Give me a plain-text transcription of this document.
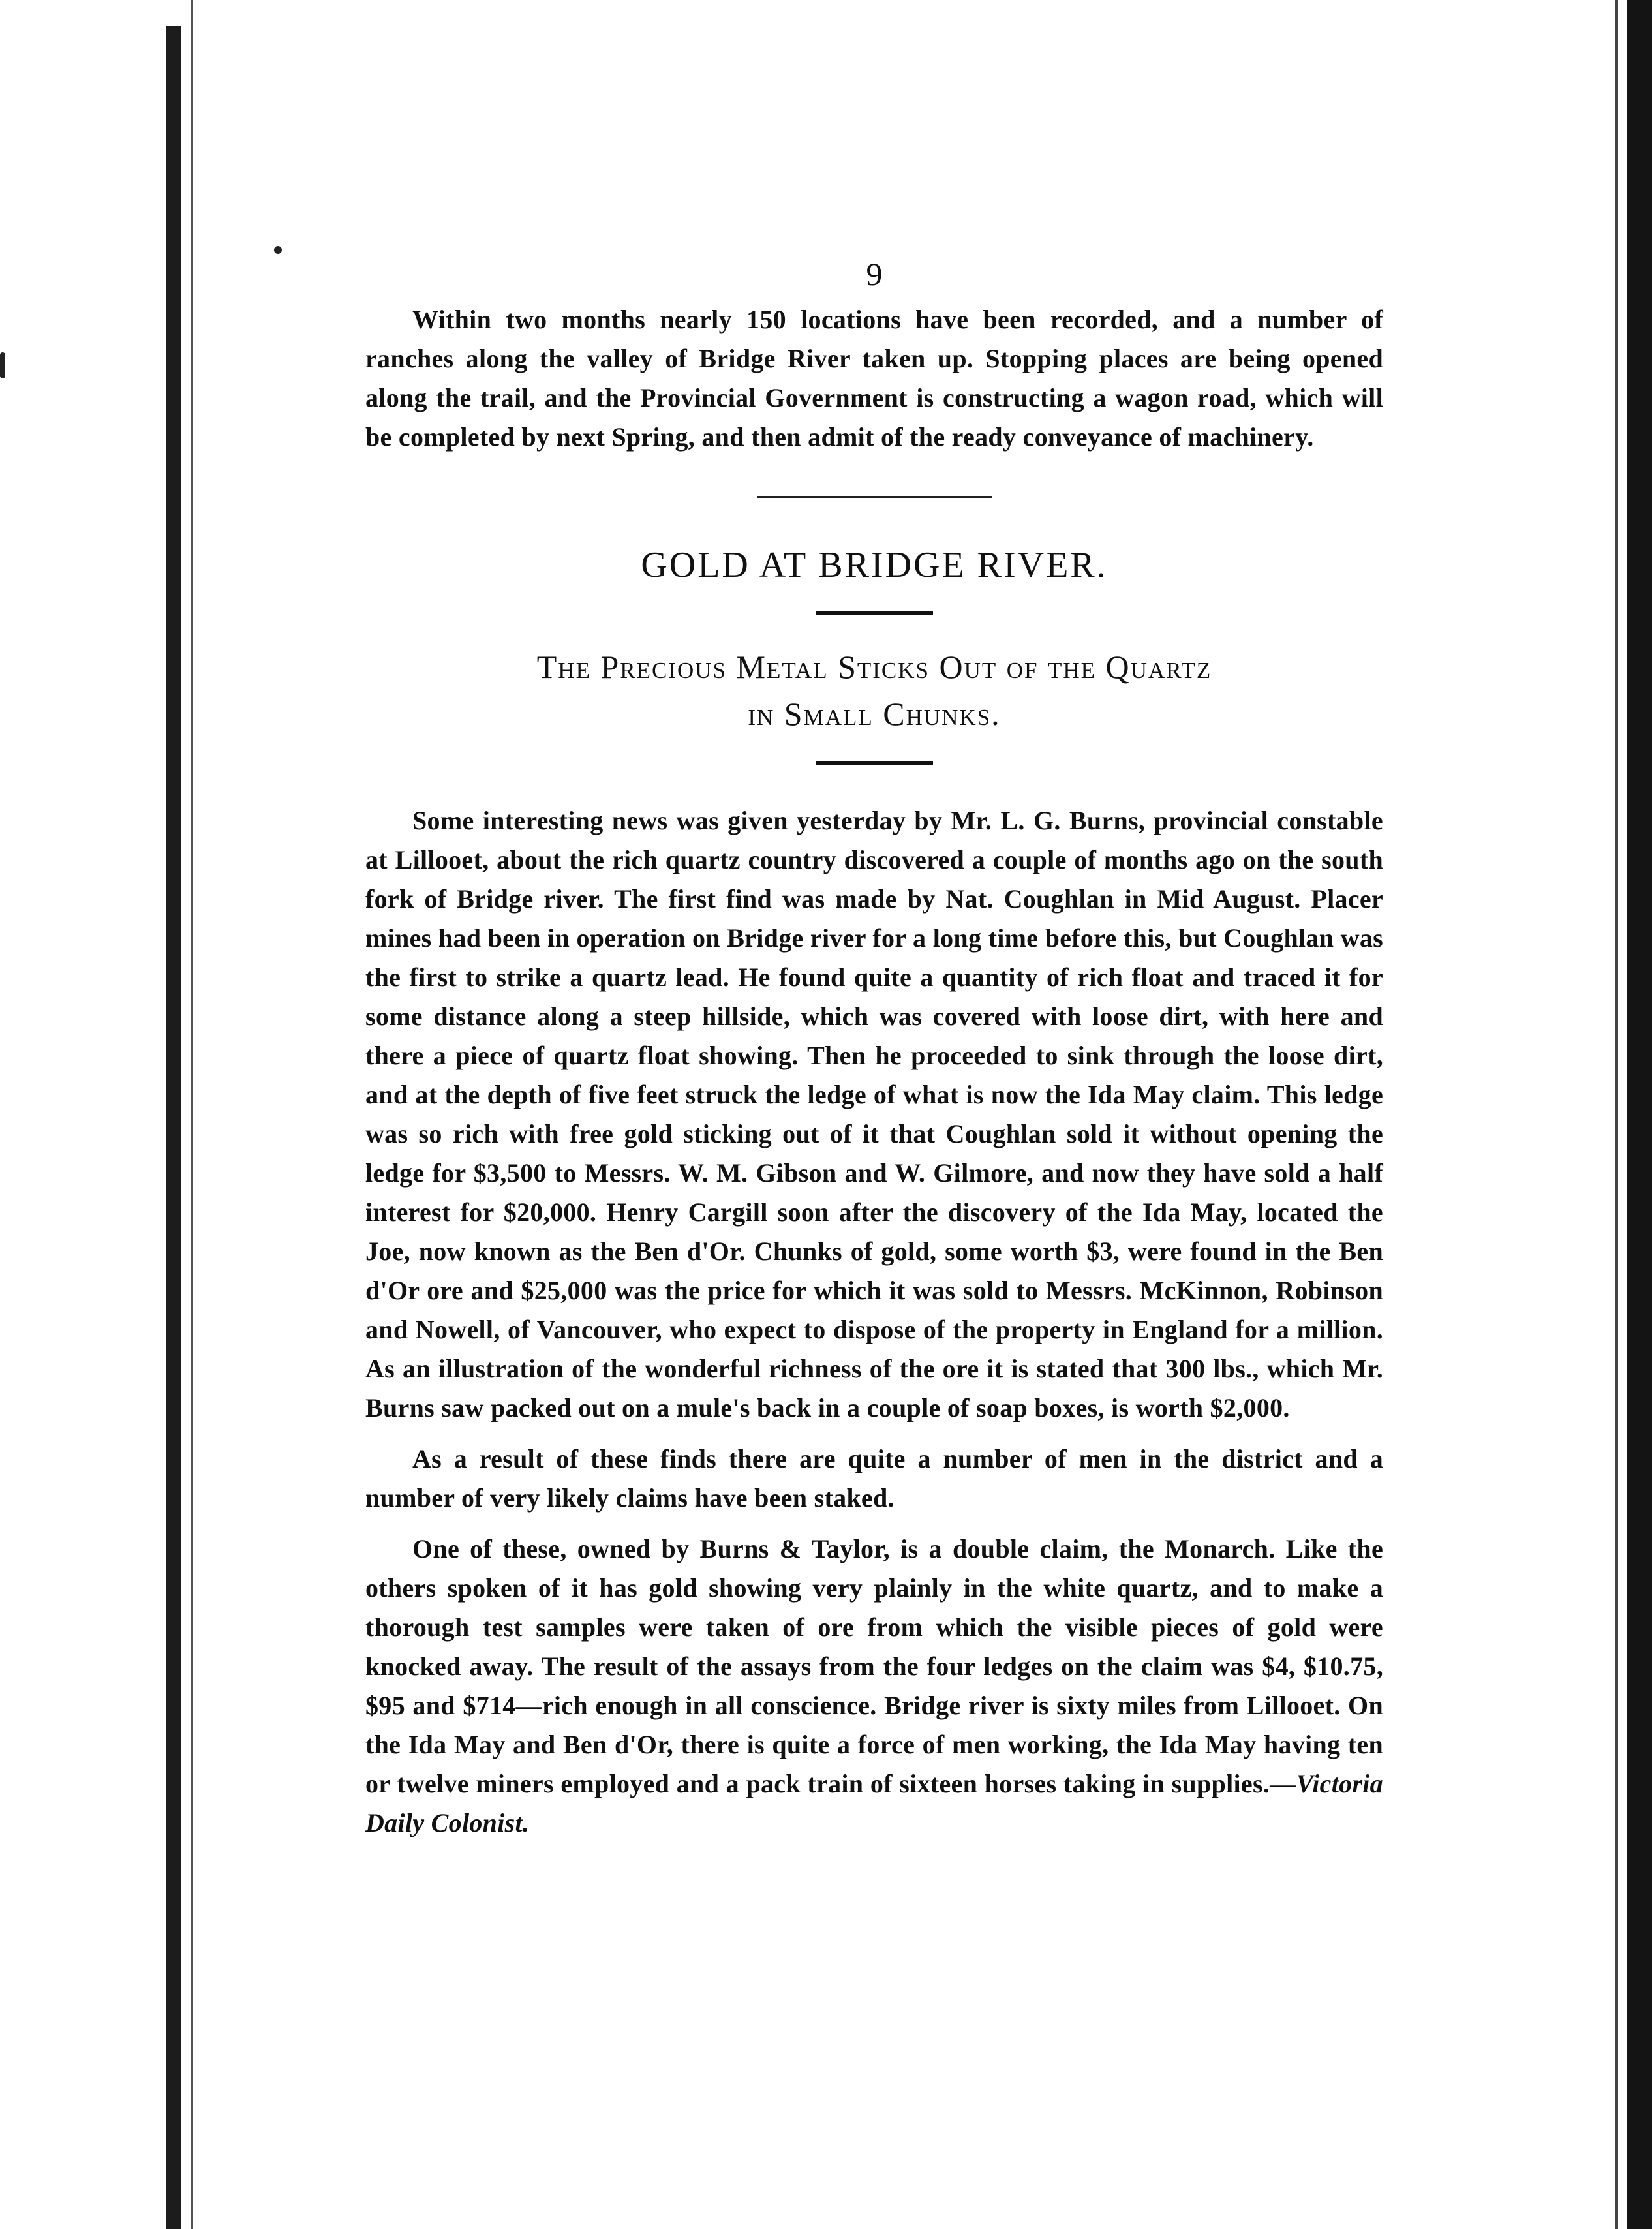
9

Within two months nearly 150 locations have been recorded, and a number of ranches along the valley of Bridge River taken up. Stopping places are being opened along the trail, and the Provincial Government is constructing a wagon road, which will be completed by next Spring, and then admit of the ready conveyance of machinery.

GOLD AT BRIDGE RIVER.

The Precious Metal Sticks Out of the Quartz
in Small Chunks.

Some interesting news was given yesterday by Mr. L. G. Burns, provincial constable at Lillooet, about the rich quartz country discovered a couple of months ago on the south fork of Bridge river. The first find was made by Nat. Coughlan in Mid August. Placer mines had been in operation on Bridge river for a long time before this, but Coughlan was the first to strike a quartz lead. He found quite a quantity of rich float and traced it for some distance along a steep hillside, which was covered with loose dirt, with here and there a piece of quartz float showing. Then he proceeded to sink through the loose dirt, and at the depth of five feet struck the ledge of what is now the Ida May claim. This ledge was so rich with free gold sticking out of it that Coughlan sold it without opening the ledge for $3,500 to Messrs. W. M. Gibson and W. Gilmore, and now they have sold a half interest for $20,000. Henry Cargill soon after the discovery of the Ida May, located the Joe, now known as the Ben d'Or. Chunks of gold, some worth $3, were found in the Ben d'Or ore and $25,000 was the price for which it was sold to Messrs. McKinnon, Robinson and Nowell, of Vancouver, who expect to dispose of the property in England for a million. As an illustration of the wonderful richness of the ore it is stated that 300 lbs., which Mr. Burns saw packed out on a mule's back in a couple of soap boxes, is worth $2,000.

As a result of these finds there are quite a number of men in the district and a number of very likely claims have been staked.

One of these, owned by Burns & Taylor, is a double claim, the Monarch. Like the others spoken of it has gold showing very plainly in the white quartz, and to make a thorough test samples were taken of ore from which the visible pieces of gold were knocked away. The result of the assays from the four ledges on the claim was $4, $10.75, $95 and $714—rich enough in all conscience. Bridge river is sixty miles from Lillooet. On the Ida May and Ben d'Or, there is quite a force of men working, the Ida May having ten or twelve miners employed and a pack train of sixteen horses taking in supplies.—Victoria Daily Colonist.
